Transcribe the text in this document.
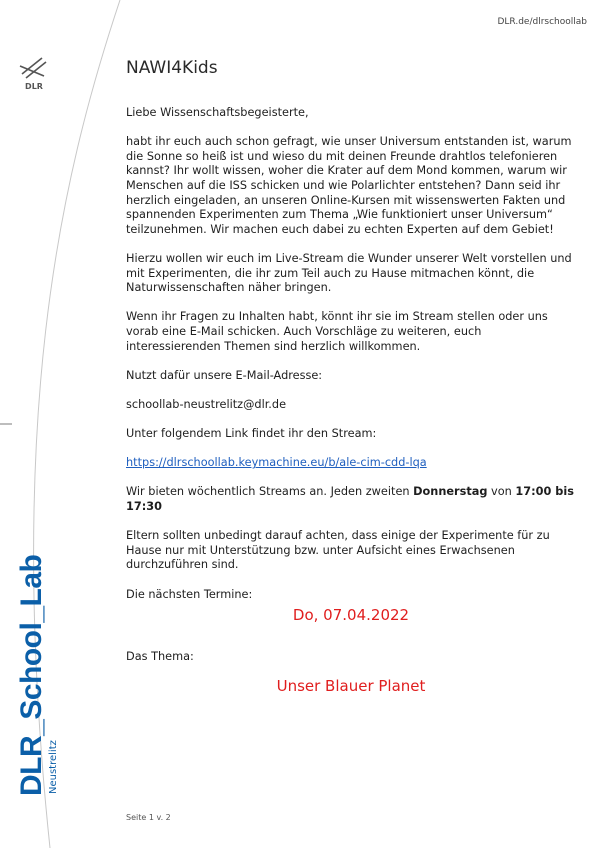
DLR.de/dlrschoollab
DLR
NAWI4Kids

Liebe Wissenschaftsbegeisterte,

habt ihr euch auch schon gefragt, wie unser Universum entstanden ist, warum die Sonne so heiß ist und wieso du mit deinen Freunde drahtlos telefonieren kannst? Ihr wollt wissen, woher die Krater auf dem Mond kommen, warum wir Menschen auf die ISS schicken und wie Polarlichter entstehen? Dann seid ihr herzlich eingeladen, an unseren Online-Kursen mit wissenswerten Fakten und spannenden Experimenten zum Thema „Wie funktioniert unser Universum“ teilzunehmen. Wir machen euch dabei zu echten Experten auf dem Gebiet!

Hierzu wollen wir euch im Live-Stream die Wunder unserer Welt vorstellen und mit Experimenten, die ihr zum Teil auch zu Hause mitmachen könnt, die Naturwissenschaften näher bringen.

Wenn ihr Fragen zu Inhalten habt, könnt ihr sie im Stream stellen oder uns vorab eine E-Mail schicken. Auch Vorschläge zu weiteren, euch interessierenden Themen sind herzlich willkommen.

Nutzt dafür unsere E-Mail-Adresse:

schoollab-neustrelitz@dlr.de

Unter folgendem Link findet ihr den Stream:

https://dlrschoollab.keymachine.eu/b/ale-cim-cdd-lqa

Wir bieten wöchentlich Streams an. Jeden zweiten Donnerstag von 17:00 bis 17:30

Eltern sollten unbedingt darauf achten, dass einige der Experimente für zu Hause nur mit Unterstützung bzw. unter Aufsicht eines Erwachsenen durchzuführen sind.

Die nächsten Termine:

Do, 07.04.2022

Das Thema:

Unser Blauer Planet
DLR_School_Lab Neustrelitz
Seite 1 v. 2
